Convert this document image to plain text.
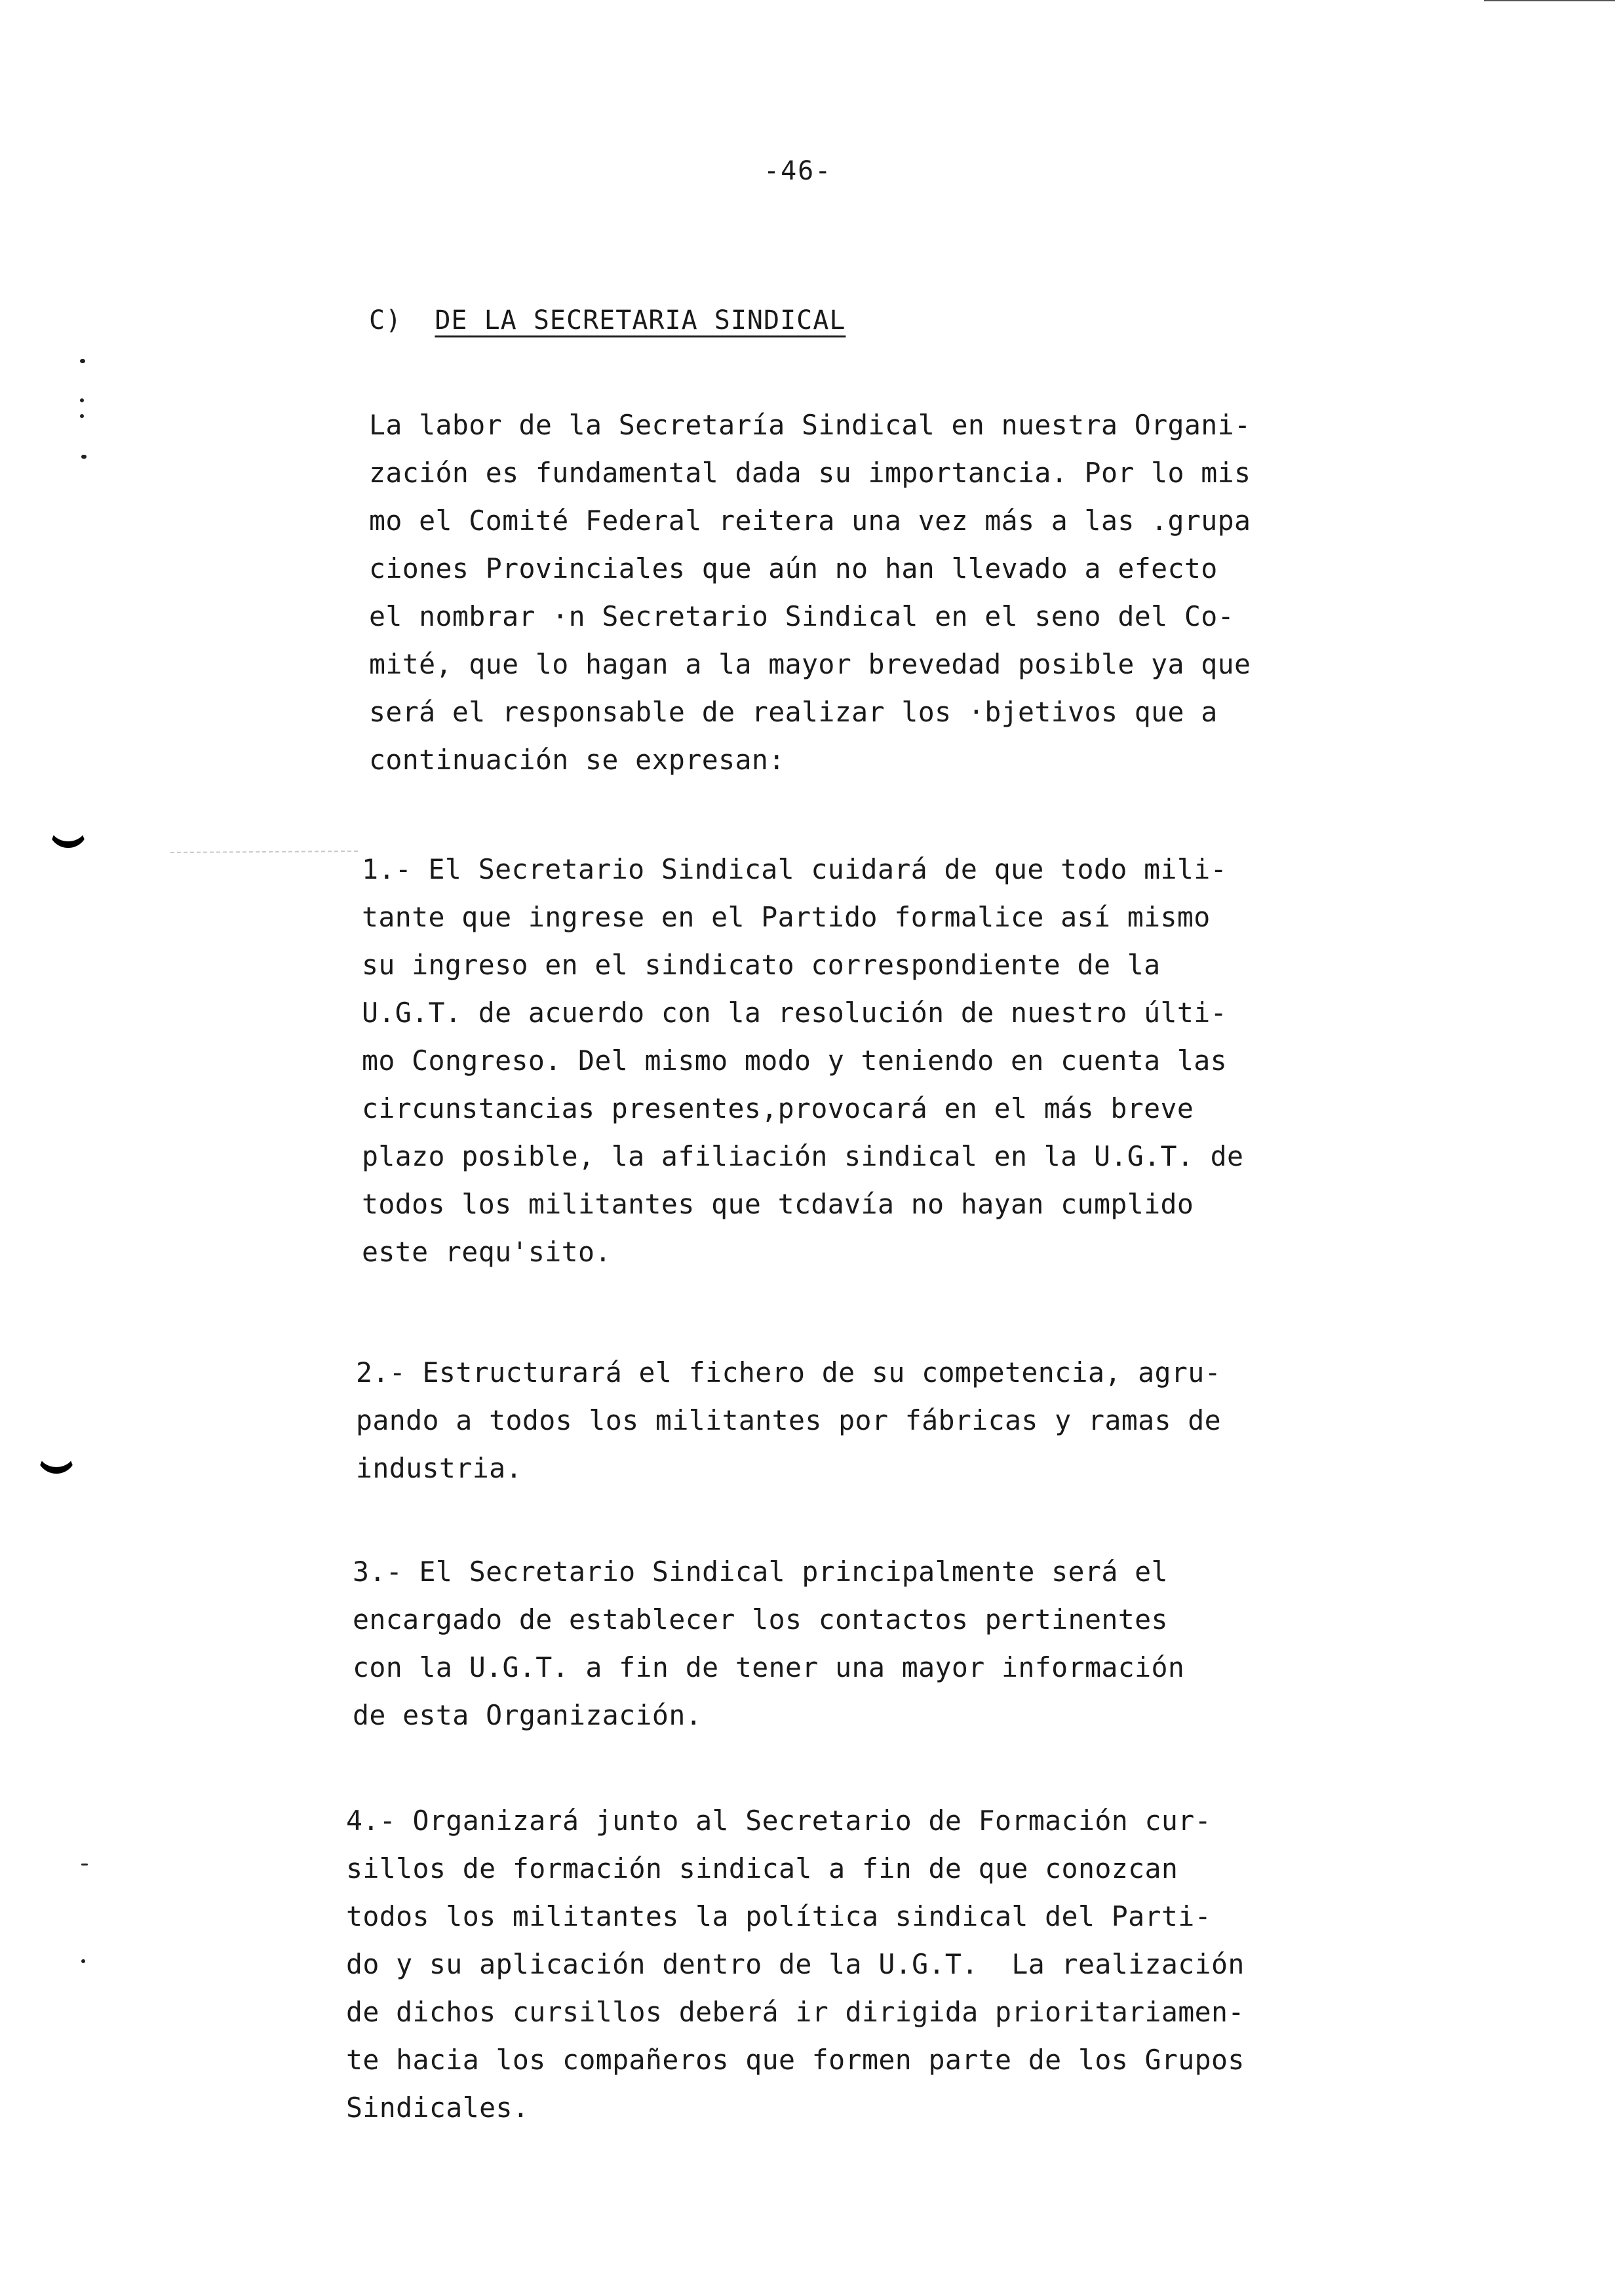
-46-
C) DE LA SECRETARIA SINDICAL
La labor de la Secretaría Sindical en nuestra Organi-
zación es fundamental dada su importancia. Por lo mis
mo el Comité Federal reitera una vez más a las .grupa
ciones Provinciales que aún no han llevado a efecto
el nombrar ·n Secretario Sindical en el seno del Co-
mité, que lo hagan a la mayor brevedad posible ya que
será el responsable de realizar los ·bjetivos que a
continuación se expresan:
1.- El Secretario Sindical cuidará de que todo mili-
tante que ingrese en el Partido formalice así mismo
su ingreso en el sindicato correspondiente de la
U.G.T. de acuerdo con la resolución de nuestro últi-
mo Congreso. Del mismo modo y teniendo en cuenta las
circunstancias presentes,provocará en el más breve
plazo posible, la afiliación sindical en la U.G.T. de
todos los militantes que tcdavía no hayan cumplido
este requ'sito.
2.- Estructurará el fichero de su competencia, agru-
pando a todos los militantes por fábricas y ramas de
industria.
3.- El Secretario Sindical principalmente será el
encargado de establecer los contactos pertinentes
con la U.G.T. a fin de tener una mayor información
de esta Organización.
4.- Organizará junto al Secretario de Formación cur-
sillos de formación sindical a fin de que conozcan
todos los militantes la política sindical del Parti-
do y su aplicación dentro de la U.G.T.  La realización
de dichos cursillos deberá ir dirigida prioritariamen-
te hacia los compañeros que formen parte de los Grupos
Sindicales.
